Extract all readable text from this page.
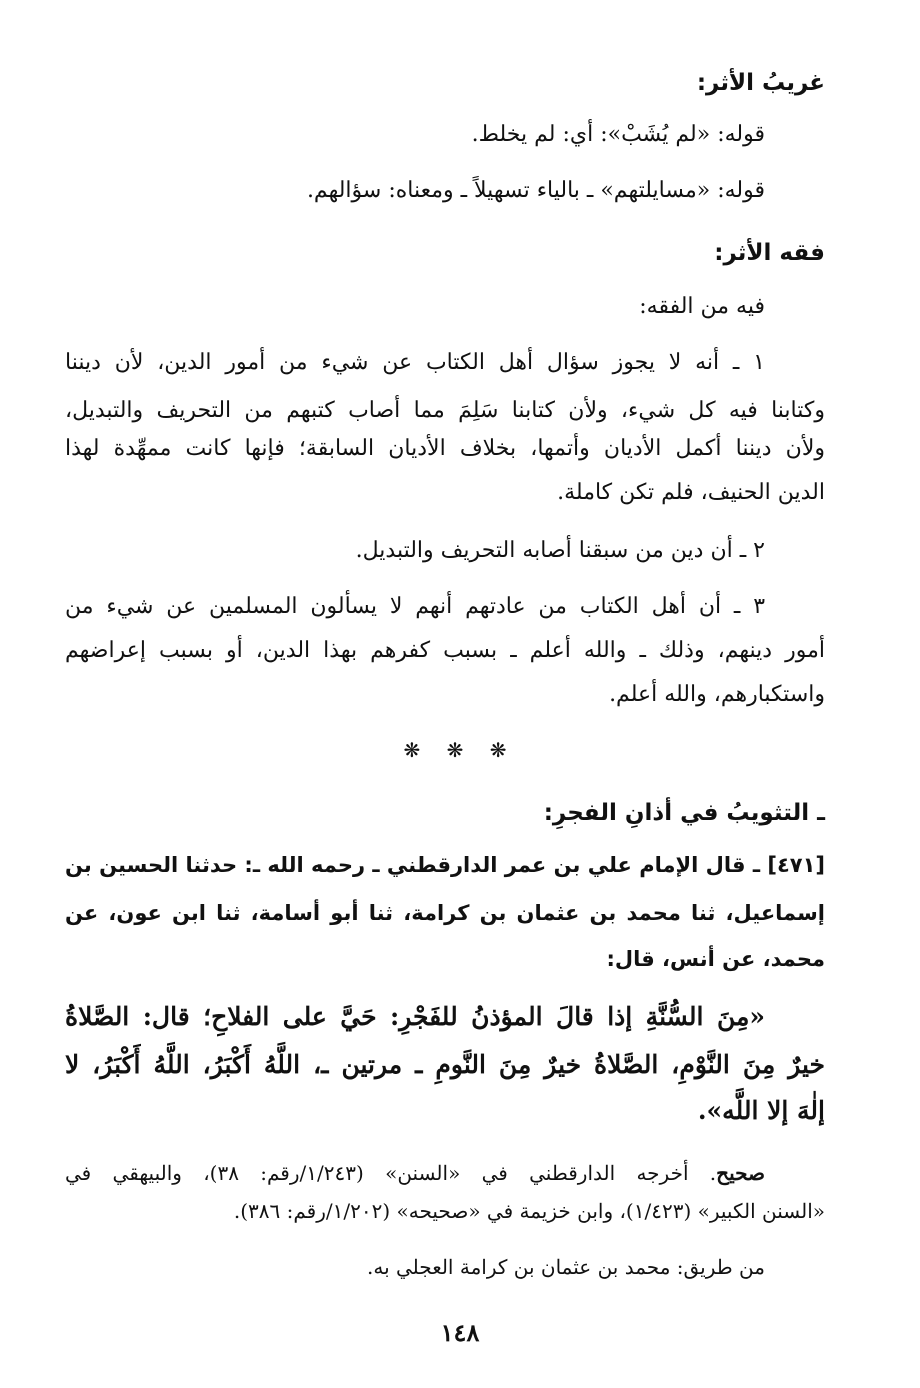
غريبُ الأثر:
قوله: «لم يُشَبْ»: أي: لم يخلط.
قوله: «مسايلتهم» ـ بالياء تسهيلاً ـ ومعناه: سؤالهم.
فقه الأثر:
فيه من الفقه:
١ ـ أنه لا يجوز سؤال أهل الكتاب عن شيء من أمور الدين، لأن ديننا
وكتابنا فيه كل شيء، ولأن كتابنا سَلِمَ مما أصاب كتبهم من التحريف والتبديل،
ولأن ديننا أكمل الأديان وأتمها، بخلاف الأديان السابقة؛ فإنها كانت ممهِّدة لهذا
الدين الحنيف، فلم تكن كاملة.
٢ ـ أن دين من سبقنا أصابه التحريف والتبديل.
٣ ـ أن أهل الكتاب من عادتهم أنهم لا يسألون المسلمين عن شيء من
أمور دينهم، وذلك ـ والله أعلم ـ بسبب كفرهم بهذا الدين، أو بسبب إعراضهم
واستكبارهم، والله أعلم.
❋ ❋ ❋
ـ التثويبُ في أذانِ الفجرِ:
[٤٧١] ـ قال الإمام علي بن عمر الدارقطني ـ رحمه الله ـ: حدثنا الحسين بن
إسماعيل، ثنا محمد بن عثمان بن كرامة، ثنا أبو أسامة، ثنا ابن عون، عن
محمد، عن أنس، قال:
«مِنَ السُّنَّةِ إذا قالَ المؤذنُ للفَجْرِ: حَيَّ على الفلاحِ؛ قال: الصَّلاةُ
خيرٌ مِنَ النَّوْمِ، الصَّلاةُ خيرٌ مِنَ النَّومِ ـ مرتين ـ، اللَّهُ أَكْبَرُ، اللَّهُ أَكْبَرُ، لا
إلٰهَ إلا اللَّه».
صحيح. أخرجه الدارقطني في «السنن» (١/٢٤٣/رقم: ٣٨)، والبيهقي في
«السنن الكبير» (١/٤٢٣)، وابن خزيمة في «صحيحه» (١/٢٠٢/رقم: ٣٨٦).
من طريق: محمد بن عثمان بن كرامة العجلي به.
١٤٨
